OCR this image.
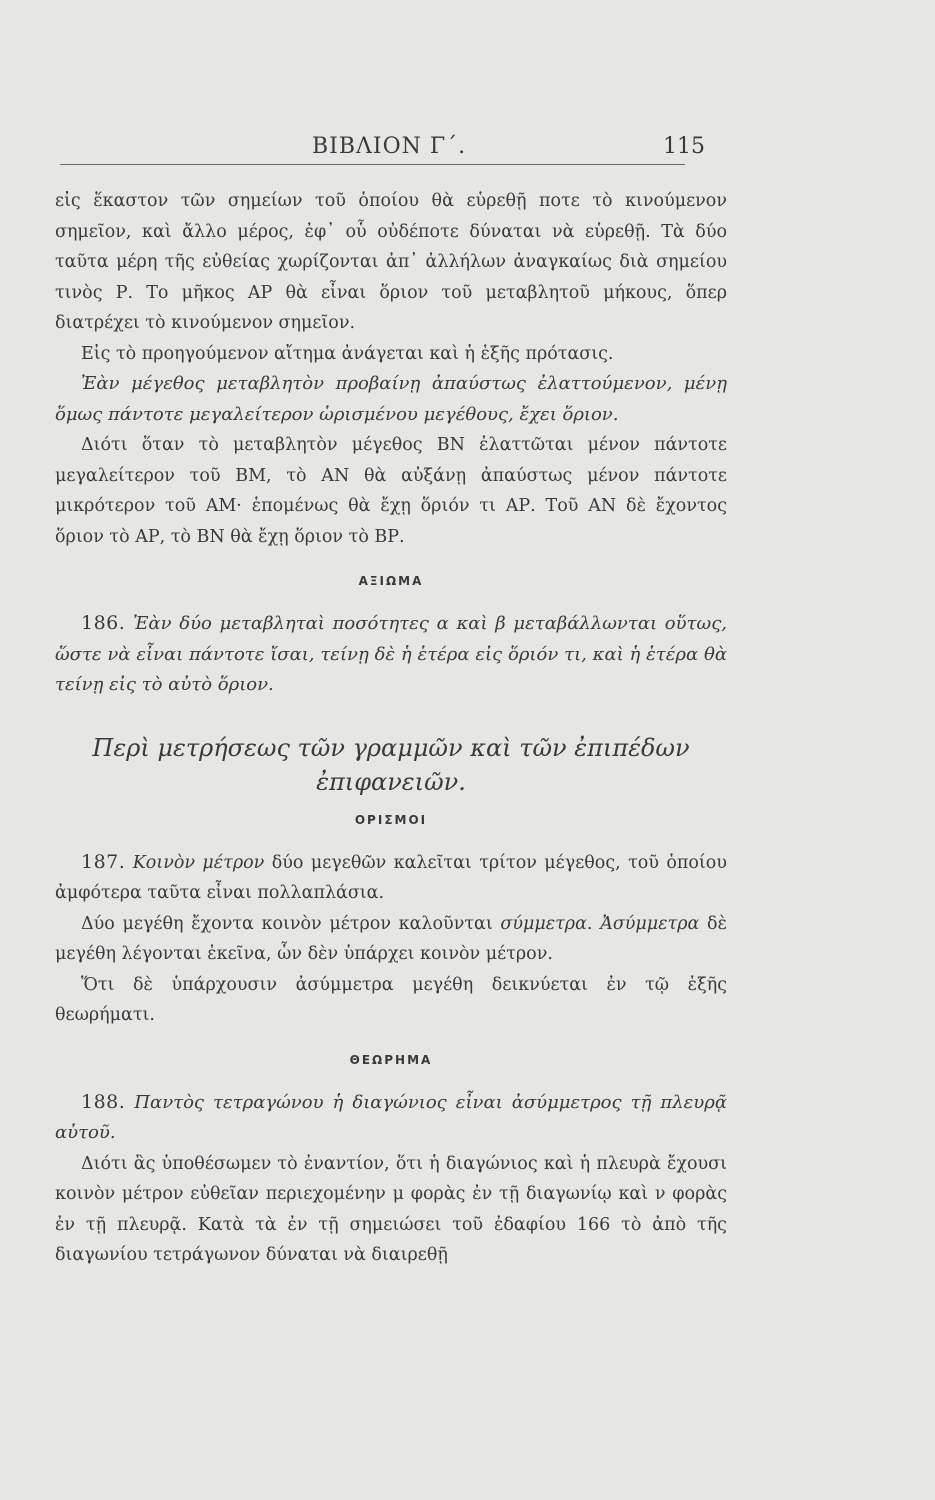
ΒΙΒΛΙΟΝ Γ΄.	115

εἰς ἕκαστον τῶν σημείων τοῦ ὁποίου θὰ εὑρεθῇ ποτε τὸ κινούμενον σημεῖον, καὶ ἄλλο μέρος, ἐφ᾽ οὗ οὐδέποτε δύναται νὰ εὑρεθῇ. Τὰ δύο ταῦτα μέρη τῆς εὐθείας χωρίζονται ἀπ᾽ ἀλλήλων ἀναγκαίως διὰ σημείου τινὸς Ρ. Το μῆκος ΑΡ θὰ εἶναι ὅριον τοῦ μεταβλητοῦ μήκους, ὅπερ διατρέχει τὸ κινούμενον σημεῖον.

Εἰς τὸ προηγούμενον αἴτημα ἀνάγεται καὶ ἡ ἑξῆς πρότασις.

Ἐὰν μέγεθος μεταβλητὸν προβαίνῃ ἀπαύστως ἐλαττούμενον, μένῃ ὅμως πάντοτε μεγαλείτερον ὡρισμένου μεγέθους, ἔχει ὅριον.

Διότι ὅταν τὸ μεταβλητὸν μέγεθος ΒΝ ἐλαττῶται μένον πάντοτε μεγαλείτερον τοῦ ΒΜ, τὸ ΑΝ θὰ αὐξάνῃ ἀπαύστως μένον πάντοτε μικρότερον τοῦ ΑΜ· ἑπομένως θὰ ἔχῃ ὅριόν τι ΑΡ. Τοῦ ΑΝ δὲ ἔχοντος ὅριον τὸ ΑΡ, τὸ ΒΝ θὰ ἔχῃ ὅριον τὸ ΒΡ.

ΑΞΙΩΜΑ

186. Ἐὰν δύο μεταβληταὶ ποσότητες α καὶ β μεταβάλλωνται οὕτως, ὥστε νὰ εἶναι πάντοτε ἴσαι, τείνῃ δὲ ἡ ἑτέρα εἰς ὅριόν τι, καὶ ἡ ἑτέρα θὰ τείνῃ εἰς τὸ αὐτὸ ὅριον.

Περὶ μετρήσεως τῶν γραμμῶν καὶ τῶν ἐπιπέδων
ἐπιφανειῶν.
ΟΡΙΣΜΟΙ

187. Κοινὸν μέτρον δύο μεγεθῶν καλεῖται τρίτον μέγεθος, τοῦ ὁποίου ἀμφότερα ταῦτα εἶναι πολλαπλάσια.

Δύο μεγέθη ἔχοντα κοινὸν μέτρον καλοῦνται σύμμετρα. Ἀσύμμετρα δὲ μεγέθη λέγονται ἐκεῖνα, ὧν δὲν ὑπάρχει κοινὸν μέτρον.

Ὅτι δὲ ὑπάρχουσιν ἀσύμμετρα μεγέθη δεικνύεται ἐν τῷ ἑξῆς θεωρήματι.

ΘΕΩΡΗΜΑ

188. Παντὸς τετραγώνου ἡ διαγώνιος εἶναι ἀσύμμετρος τῇ πλευρᾷ αὐτοῦ.

Διότι ἂς ὑποθέσωμεν τὸ ἐναντίον, ὅτι ἡ διαγώνιος καὶ ἡ πλευρὰ ἔχουσι κοινὸν μέτρον εὐθεῖαν περιεχομένην μ φορὰς ἐν τῇ διαγωνίῳ καὶ ν φορὰς ἐν τῇ πλευρᾷ. Κατὰ τὰ ἐν τῇ σημειώσει τοῦ ἐδαφίου 166 τὸ ἀπὸ τῆς διαγωνίου τετράγωνον δύναται νὰ διαιρεθῇ
